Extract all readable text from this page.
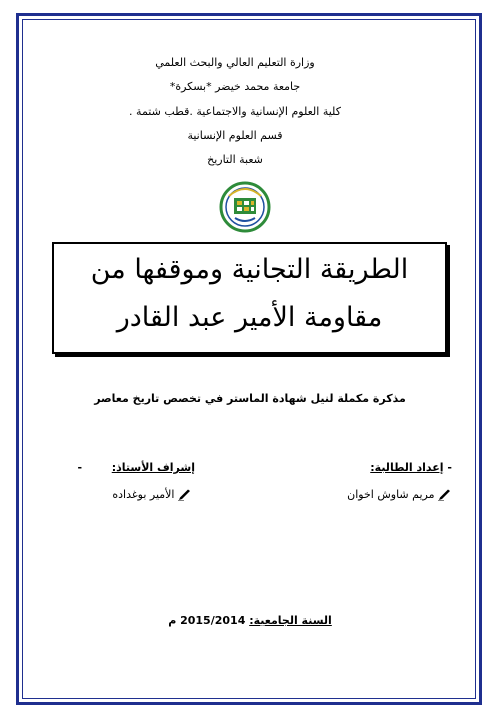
وزارة التعليم العالي والبحث العلمي
جامعة محمد خيضر *بسكرة*
كلية العلوم الإنسانية والاجتماعية .قطب شتمة .
قسم العلوم الإنسانية
شعبة التاريخ
الطريقة التجانية وموقفها من
مقاومة الأمير عبد القادر
مذكرة مكملة لنيل شهادة الماستر في تخصص تاريخ معاصر
- إعداد الطالبة:
مريم شاوش اخوان
إشراف الأستاذ:  -
الأمير بوغداده
السنة الجامعية: 2015/2014 م
